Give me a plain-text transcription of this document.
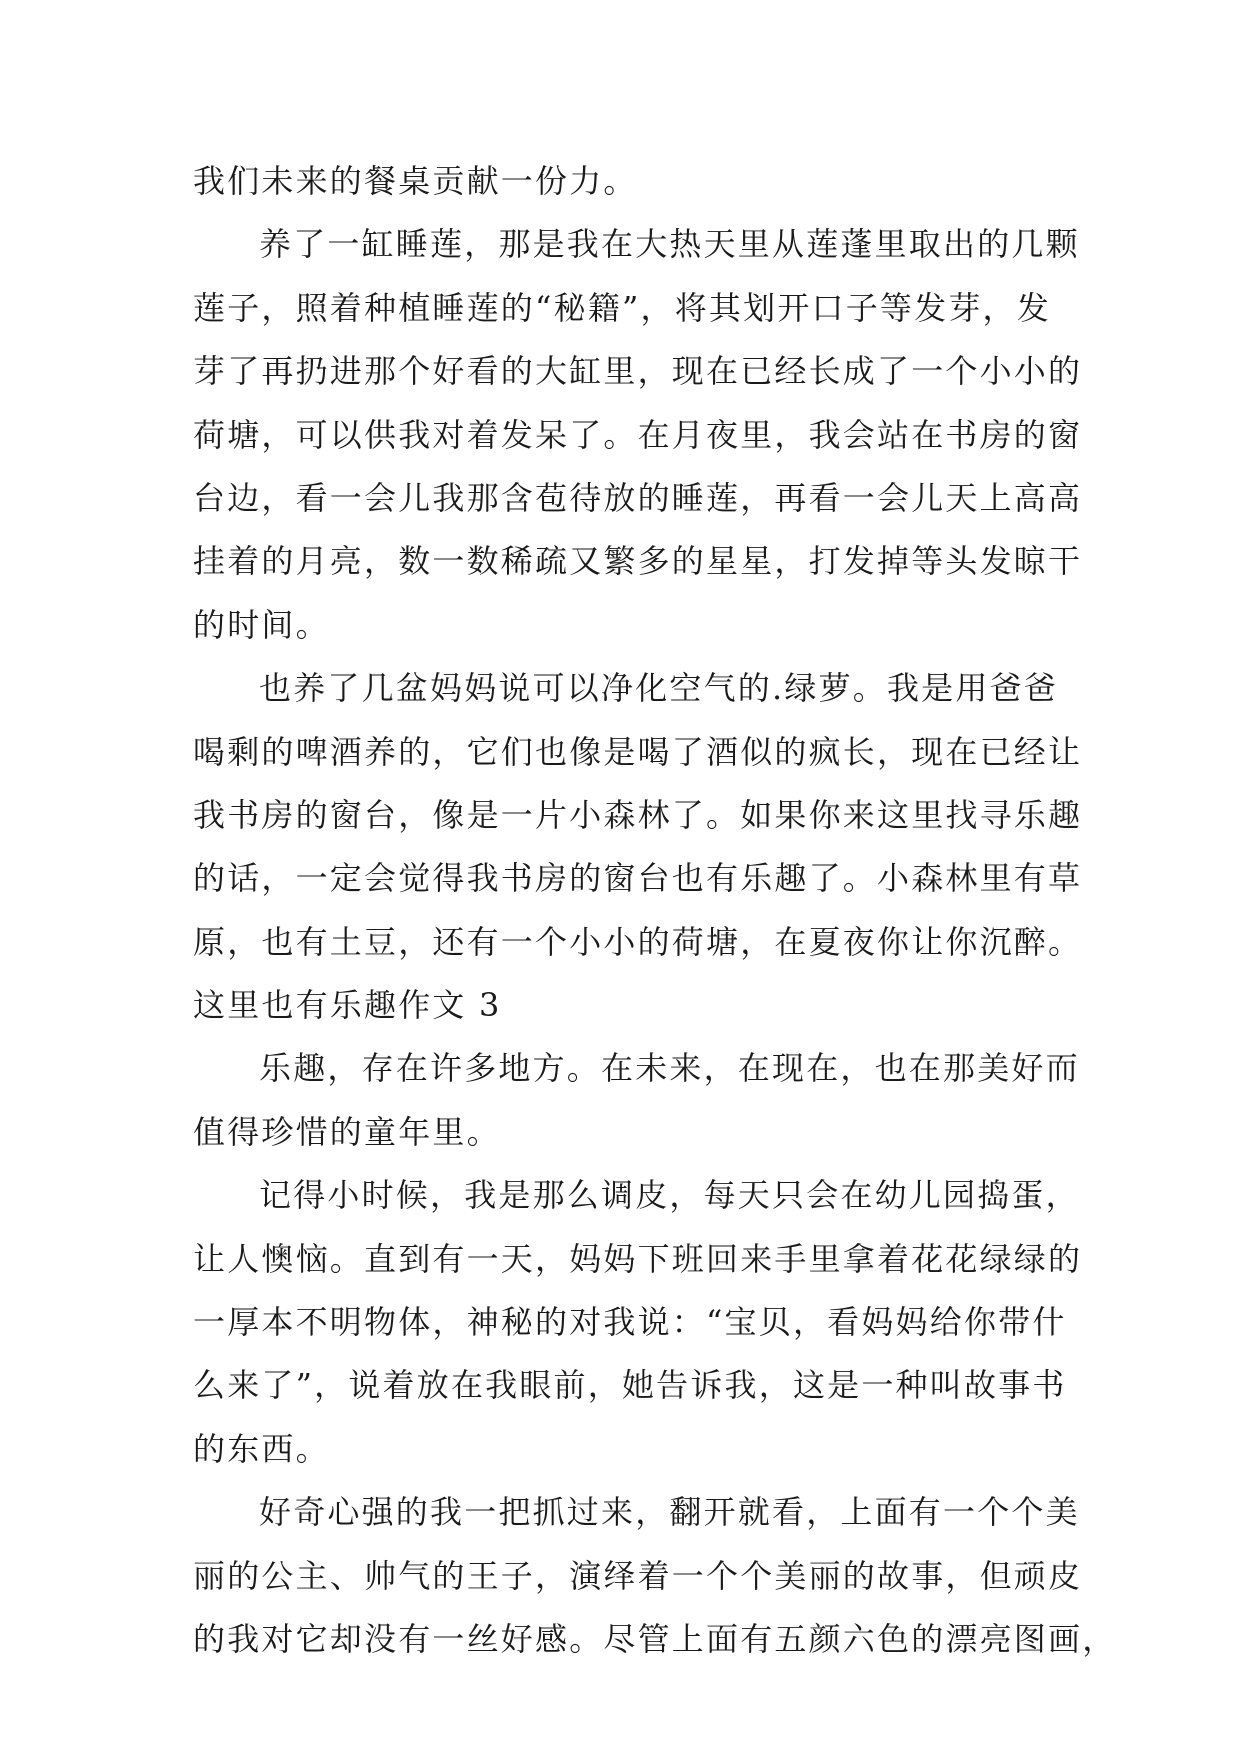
我们未来的餐桌贡献一份力。
养了一缸睡莲，那是我在大热天里从莲蓬里取出的几颗
莲子，照着种植睡莲的“秘籍”，将其划开口子等发芽，发
芽了再扔进那个好看的大缸里，现在已经长成了一个小小的
荷塘，可以供我对着发呆了。在月夜里，我会站在书房的窗
台边，看一会儿我那含苞待放的睡莲，再看一会儿天上高高
挂着的月亮，数一数稀疏又繁多的星星，打发掉等头发晾干
的时间。
也养了几盆妈妈说可以净化空气的.绿萝。我是用爸爸
喝剩的啤酒养的，它们也像是喝了酒似的疯长，现在已经让
我书房的窗台，像是一片小森林了。如果你来这里找寻乐趣
的话，一定会觉得我书房的窗台也有乐趣了。小森林里有草
原，也有土豆，还有一个小小的荷塘，在夏夜你让你沉醉。
这里也有乐趣作文 3
乐趣，存在许多地方。在未来，在现在，也在那美好而
值得珍惜的童年里。
记得小时候，我是那么调皮，每天只会在幼儿园捣蛋，
让人懊恼。直到有一天，妈妈下班回来手里拿着花花绿绿的
一厚本不明物体，神秘的对我说：“宝贝，看妈妈给你带什
么来了”，说着放在我眼前，她告诉我，这是一种叫故事书
的东西。
好奇心强的我一把抓过来，翻开就看，上面有一个个美
丽的公主、帅气的王子，演绎着一个个美丽的故事，但顽皮
的我对它却没有一丝好感。尽管上面有五颜六色的漂亮图画，
